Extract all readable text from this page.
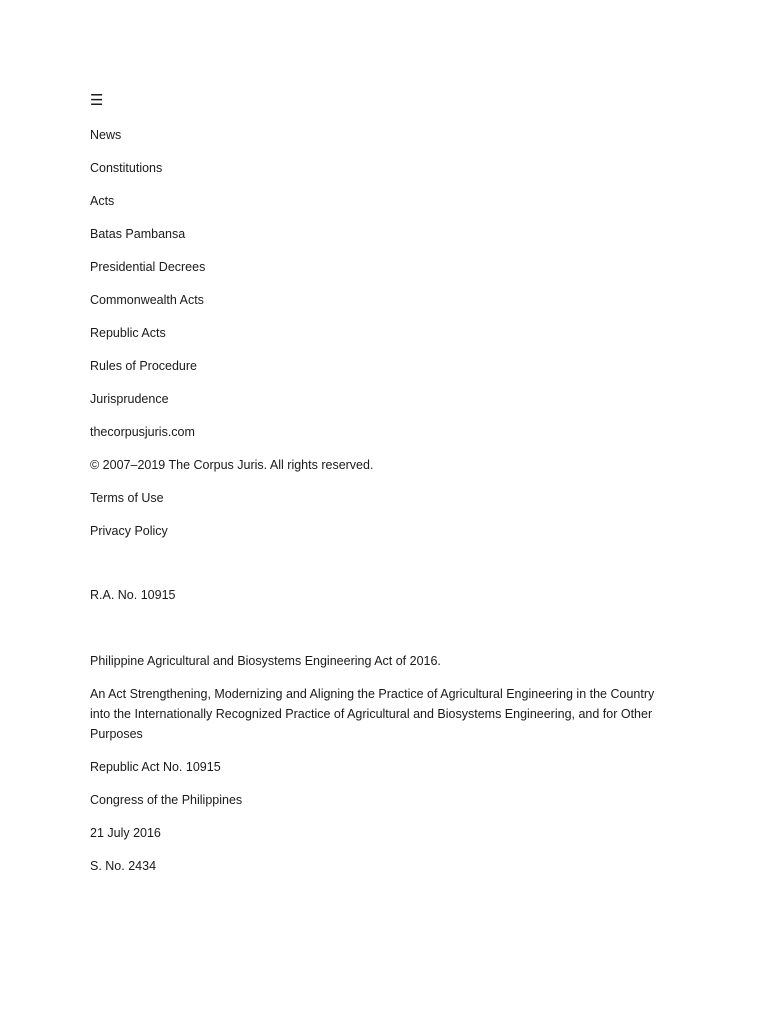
☰
News
Constitutions
Acts
Batas Pambansa
Presidential Decrees
Commonwealth Acts
Republic Acts
Rules of Procedure
Jurisprudence
thecorpusjuris.com
© 2007–2019 The Corpus Juris. All rights reserved.
Terms of Use
Privacy Policy
R.A. No. 10915

Philippine Agricultural and Biosystems Engineering Act of 2016.

An Act Strengthening, Modernizing and Aligning the Practice of Agricultural Engineering in the Country into the Internationally Recognized Practice of Agricultural and Biosystems Engineering, and for Other Purposes

Republic Act No. 10915

Congress of the Philippines

21 July 2016

S. No. 2434
